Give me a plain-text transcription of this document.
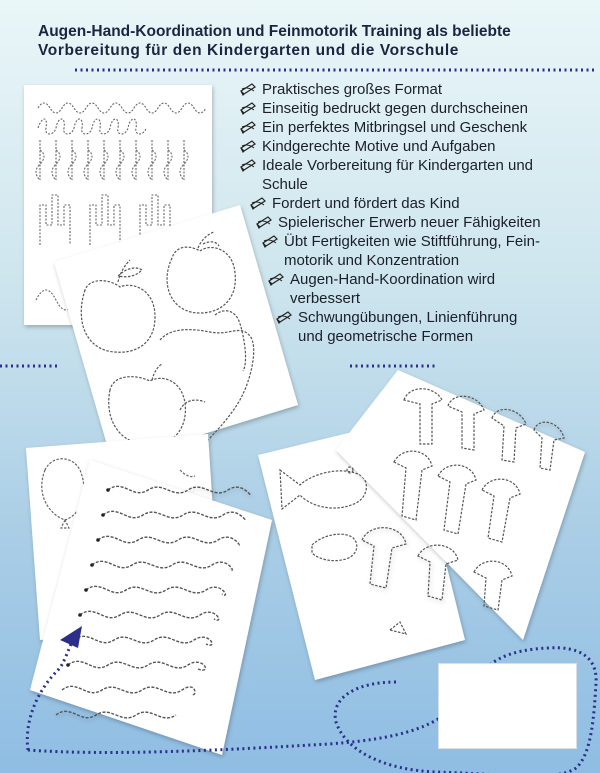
Augen-Hand-Koordination und Feinmotorik Training als beliebte
Vorbereitung für den Kindergarten und die Vorschule
Praktisches großes Format
Einseitig bedruckt gegen durchscheinen
Ein perfektes Mitbringsel und Geschenk
Kindgerechte Motive und Aufgaben
Ideale Vorbereitung für Kindergarten und
Schule
Fordert und fördert das Kind
Spielerischer Erwerb neuer Fähigkeiten
Übt Fertigkeiten wie Stiftführung, Fein-
motorik und Konzentration
Augen-Hand-Koordination wird
verbessert
Schwungübungen, Linienführung
und geometrische Formen
